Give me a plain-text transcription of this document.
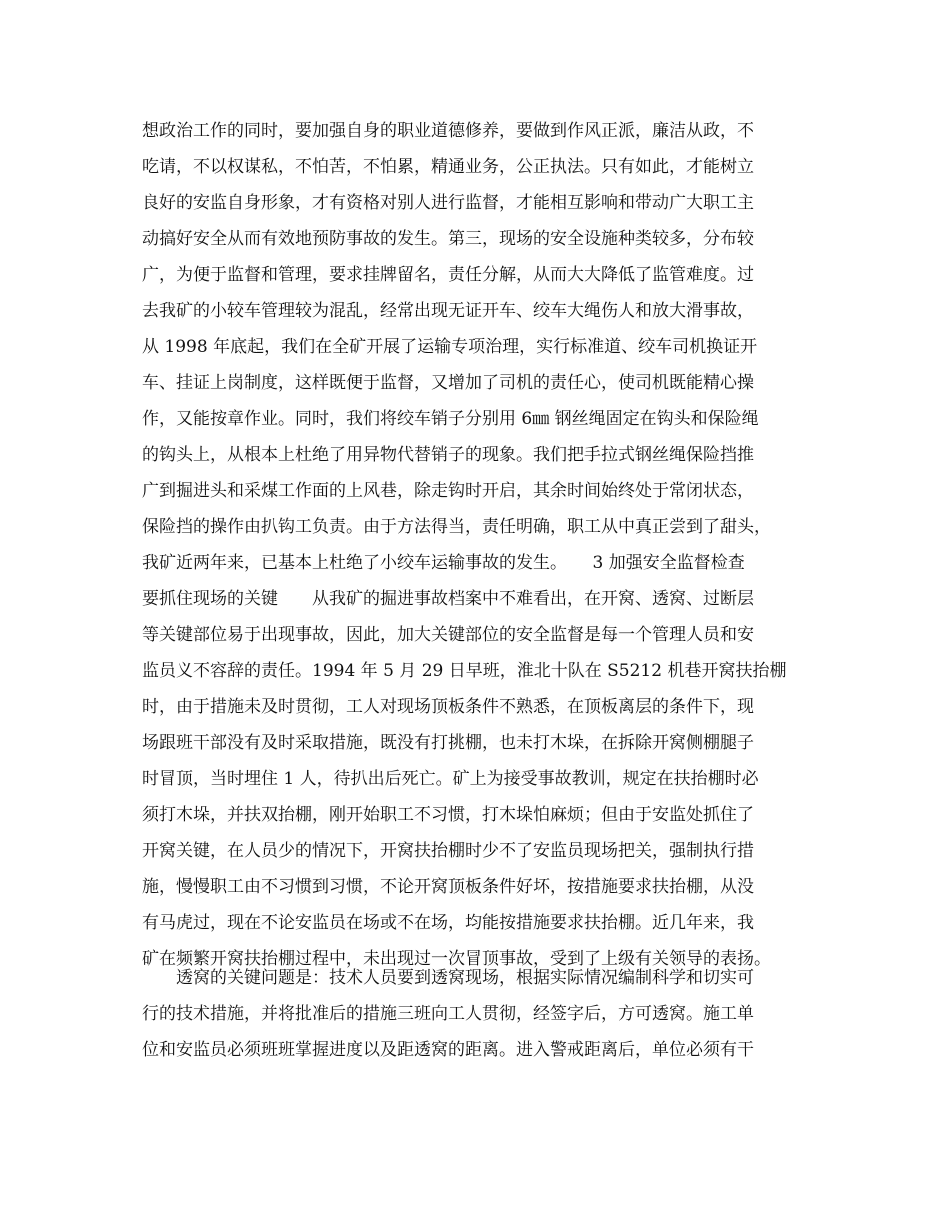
想政治工作的同时，要加强自身的职业道德修养，要做到作风正派，廉洁从政，不
吃请，不以权谋私，不怕苦，不怕累，精通业务，公正执法。只有如此，才能树立
良好的安监自身形象，才有资格对别人进行监督，才能相互影响和带动广大职工主
动搞好安全从而有效地预防事故的发生。第三，现场的安全设施种类较多，分布较
广，为便于监督和管理，要求挂牌留名，责任分解，从而大大降低了监管难度。过
去我矿的小较车管理较为混乱，经常出现无证开车、绞车大绳伤人和放大滑事故，
从 1998 年底起，我们在全矿开展了运输专项治理，实行标准道、绞车司机换证开
车、挂证上岗制度，这样既便于监督，又增加了司机的责任心，使司机既能精心操
作，又能按章作业。同时，我们将绞车销子分别用 6㎜ 钢丝绳固定在钩头和保险绳
的钩头上，从根本上杜绝了用异物代替销子的现象。我们把手拉式钢丝绳保险挡推
广到掘进头和采煤工作面的上风巷，除走钩时开启，其余时间始终处于常闭状态，
保险挡的操作由扒钩工负责。由于方法得当，责任明确，职工从中真正尝到了甜头，
我矿近两年来，已基本上杜绝了小绞车运输事故的发生。　　3 加强安全监督检查
要抓住现场的关键　　从我矿的掘进事故档案中不难看出，在开窝、透窝、过断层
等关键部位易于出现事故，因此，加大关键部位的安全监督是每一个管理人员和安
监员义不容辞的责任。1994 年 5 月 29 日早班，淮北十队在 S5212 机巷开窝扶抬棚
时，由于措施未及时贯彻，工人对现场顶板条件不熟悉，在顶板离层的条件下，现
场跟班干部没有及时采取措施，既没有打挑棚，也未打木垛，在拆除开窝侧棚腿子
时冒顶，当时埋住 1 人，待扒出后死亡。矿上为接受事故教训，规定在扶抬棚时必
须打木垛，并扶双抬棚，刚开始职工不习惯，打木垛怕麻烦；但由于安监处抓住了
开窝关键，在人员少的情况下，开窝扶抬棚时少不了安监员现场把关，强制执行措
施，慢慢职工由不习惯到习惯，不论开窝顶板条件好坏，按措施要求扶抬棚，从没
有马虎过，现在不论安监员在场或不在场，均能按措施要求扶抬棚。近几年来，我
矿在频繁开窝扶抬棚过程中，未出现过一次冒顶事故，受到了上级有关领导的表扬。
　　透窝的关键问题是：技术人员要到透窝现场，根据实际情况编制科学和切实可
行的技术措施，并将批准后的措施三班向工人贯彻，经签字后，方可透窝。施工单
位和安监员必须班班掌握进度以及距透窝的距离。进入警戒距离后，单位必须有干
